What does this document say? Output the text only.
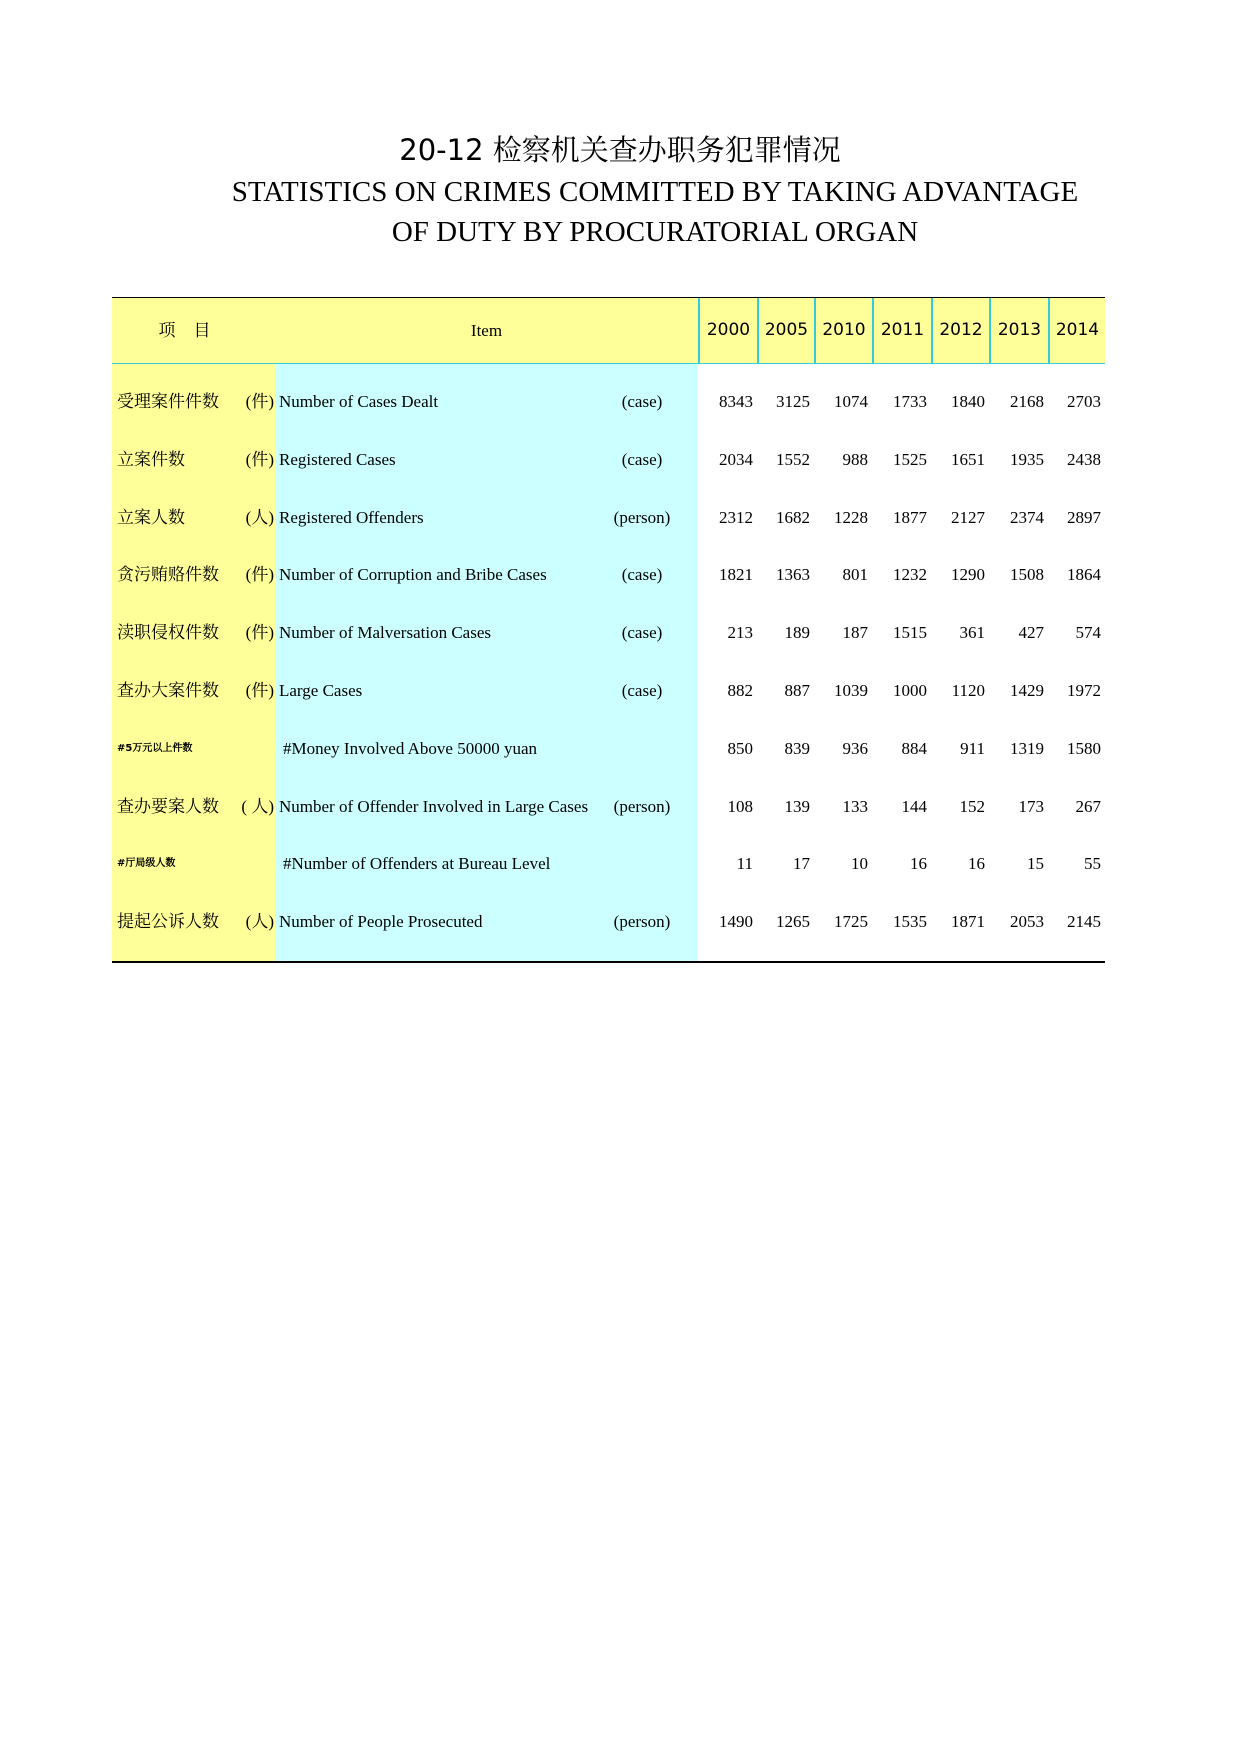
20-12 检察机关查办职务犯罪情况
STATISTICS ON CRIMES COMMITTED BY TAKING ADVANTAGE
OF DUTY BY PROCURATORIAL ORGAN
项目	Item	2000 2005 2010 2011 2012 2013 2014
受理案件件数	(件) Number of Cases Dealt	(case)	8343	3125	1074	1733	1840	2168	2703
立案件数	(件) Registered Cases	(case)	2034	1552	988	1525	1651	1935	2438
立案人数	(人) Registered Offenders	(person)	2312	1682	1228	1877	2127	2374	2897
贪污贿赂件数	(件) Number of Corruption and Bribe Cases	(case)	1821	1363	801	1232	1290	1508	1864
渎职侵权件数	(件) Number of Malversation Cases	(case)	213	189	187	1515	361	427	574
查办大案件数	(件) Large Cases	(case)	882	887	1039	1000	1120	1429	1972
#5万元以上件数	#Money Involved Above 50000 yuan	850	839	936	884	911	1319	1580
查办要案人数	( 人) Number of Offender Involved in Large Cases	(person)	108	139	133	144	152	173	267
#厅局级人数	#Number of Offenders at Bureau Level	11	17	10	16	16	15	55
提起公诉人数	(人) Number of People Prosecuted	(person)	1490	1265	1725	1535	1871	2053	2145
